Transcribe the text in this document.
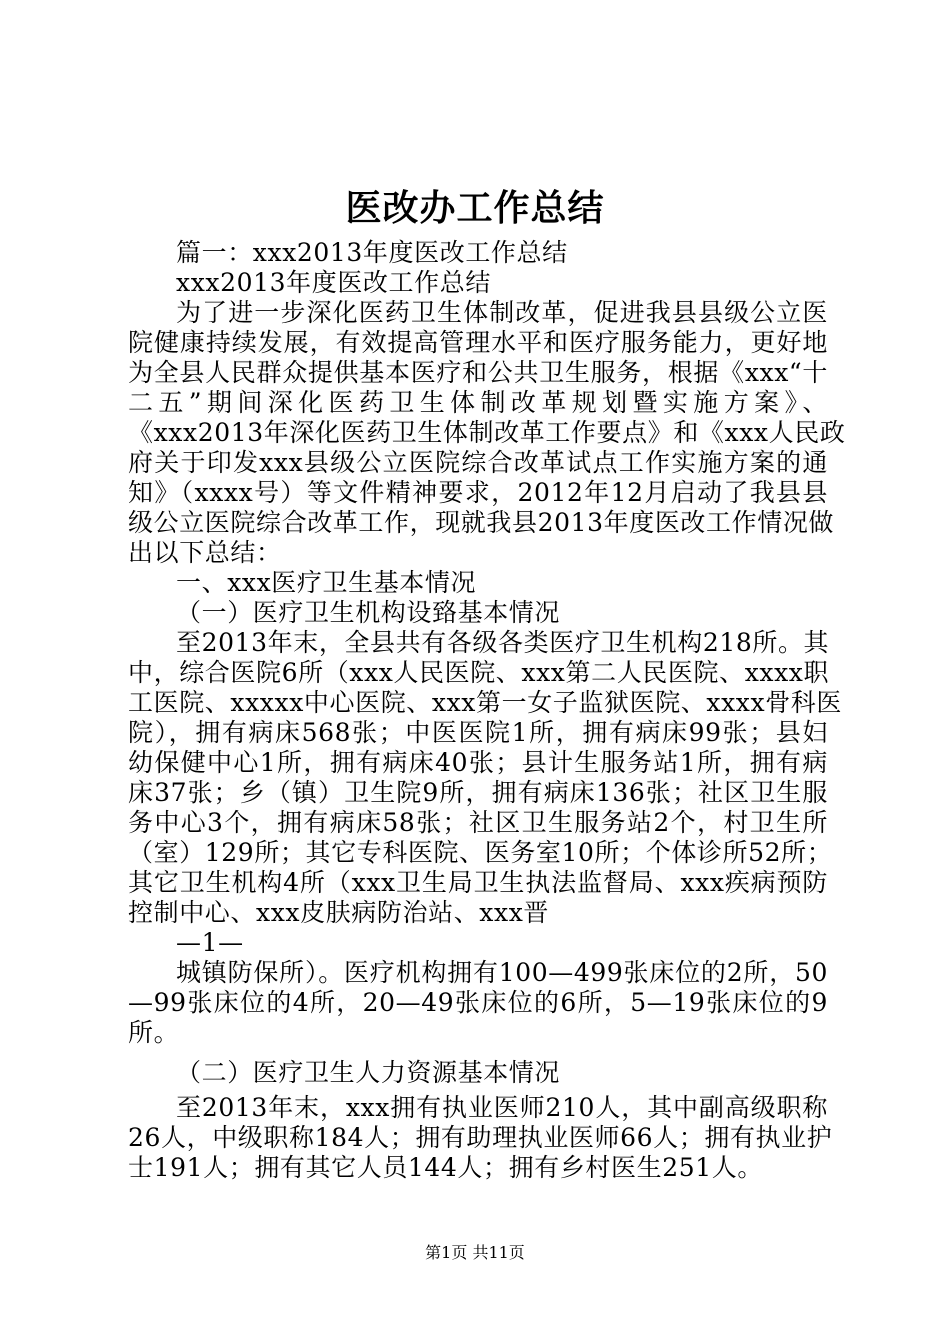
医改办工作总结
篇一：xxx2013年度医改工作总结
xxx2013年度医改工作总结
为了进一步深化医药卫生体制改革，促进我县县级公立医
院健康持续发展，有效提高管理水平和医疗服务能力，更好地
为全县人民群众提供基本医疗和公共卫生服务，根据《xxx“十
二五”期间深化医药卫生体制改革规划暨实施方案》、
《xxx2013年深化医药卫生体制改革工作要点》和《xxx人民政
府关于印发xxx县级公立医院综合改革试点工作实施方案的通
知》（xxxx号）等文件精神要求，2012年12月启动了我县县
级公立医院综合改革工作，现就我县2013年度医改工作情况做
出以下总结：
一、xxx医疗卫生基本情况
（一）医疗卫生机构设臵基本情况
至2013年末，全县共有各级各类医疗卫生机构218所。其
中，综合医院6所（xxx人民医院、xxx第二人民医院、xxxx职
工医院、xxxxx中心医院、xxx第一女子监狱医院、xxxx骨科医
院），拥有病床568张；中医医院1所，拥有病床99张；县妇
幼保健中心1所，拥有病床40张；县计生服务站1所，拥有病
床37张；乡（镇）卫生院9所，拥有病床136张；社区卫生服
务中心3个，拥有病床58张；社区卫生服务站2个，村卫生所
（室）129所；其它专科医院、医务室10所；个体诊所52所；
其它卫生机构4所（xxx卫生局卫生执法监督局、xxx疾病预防
控制中心、xxx皮肤病防治站、xxx晋
—1—
城镇防保所）。医疗机构拥有100—499张床位的2所，50
—99张床位的4所，20—49张床位的6所，5—19张床位的9
所。
（二）医疗卫生人力资源基本情况
至2013年末，xxx拥有执业医师210人，其中副高级职称
26人，中级职称184人；拥有助理执业医师66人；拥有执业护
士191人；拥有其它人员144人；拥有乡村医生251人。
第1页 共11页
